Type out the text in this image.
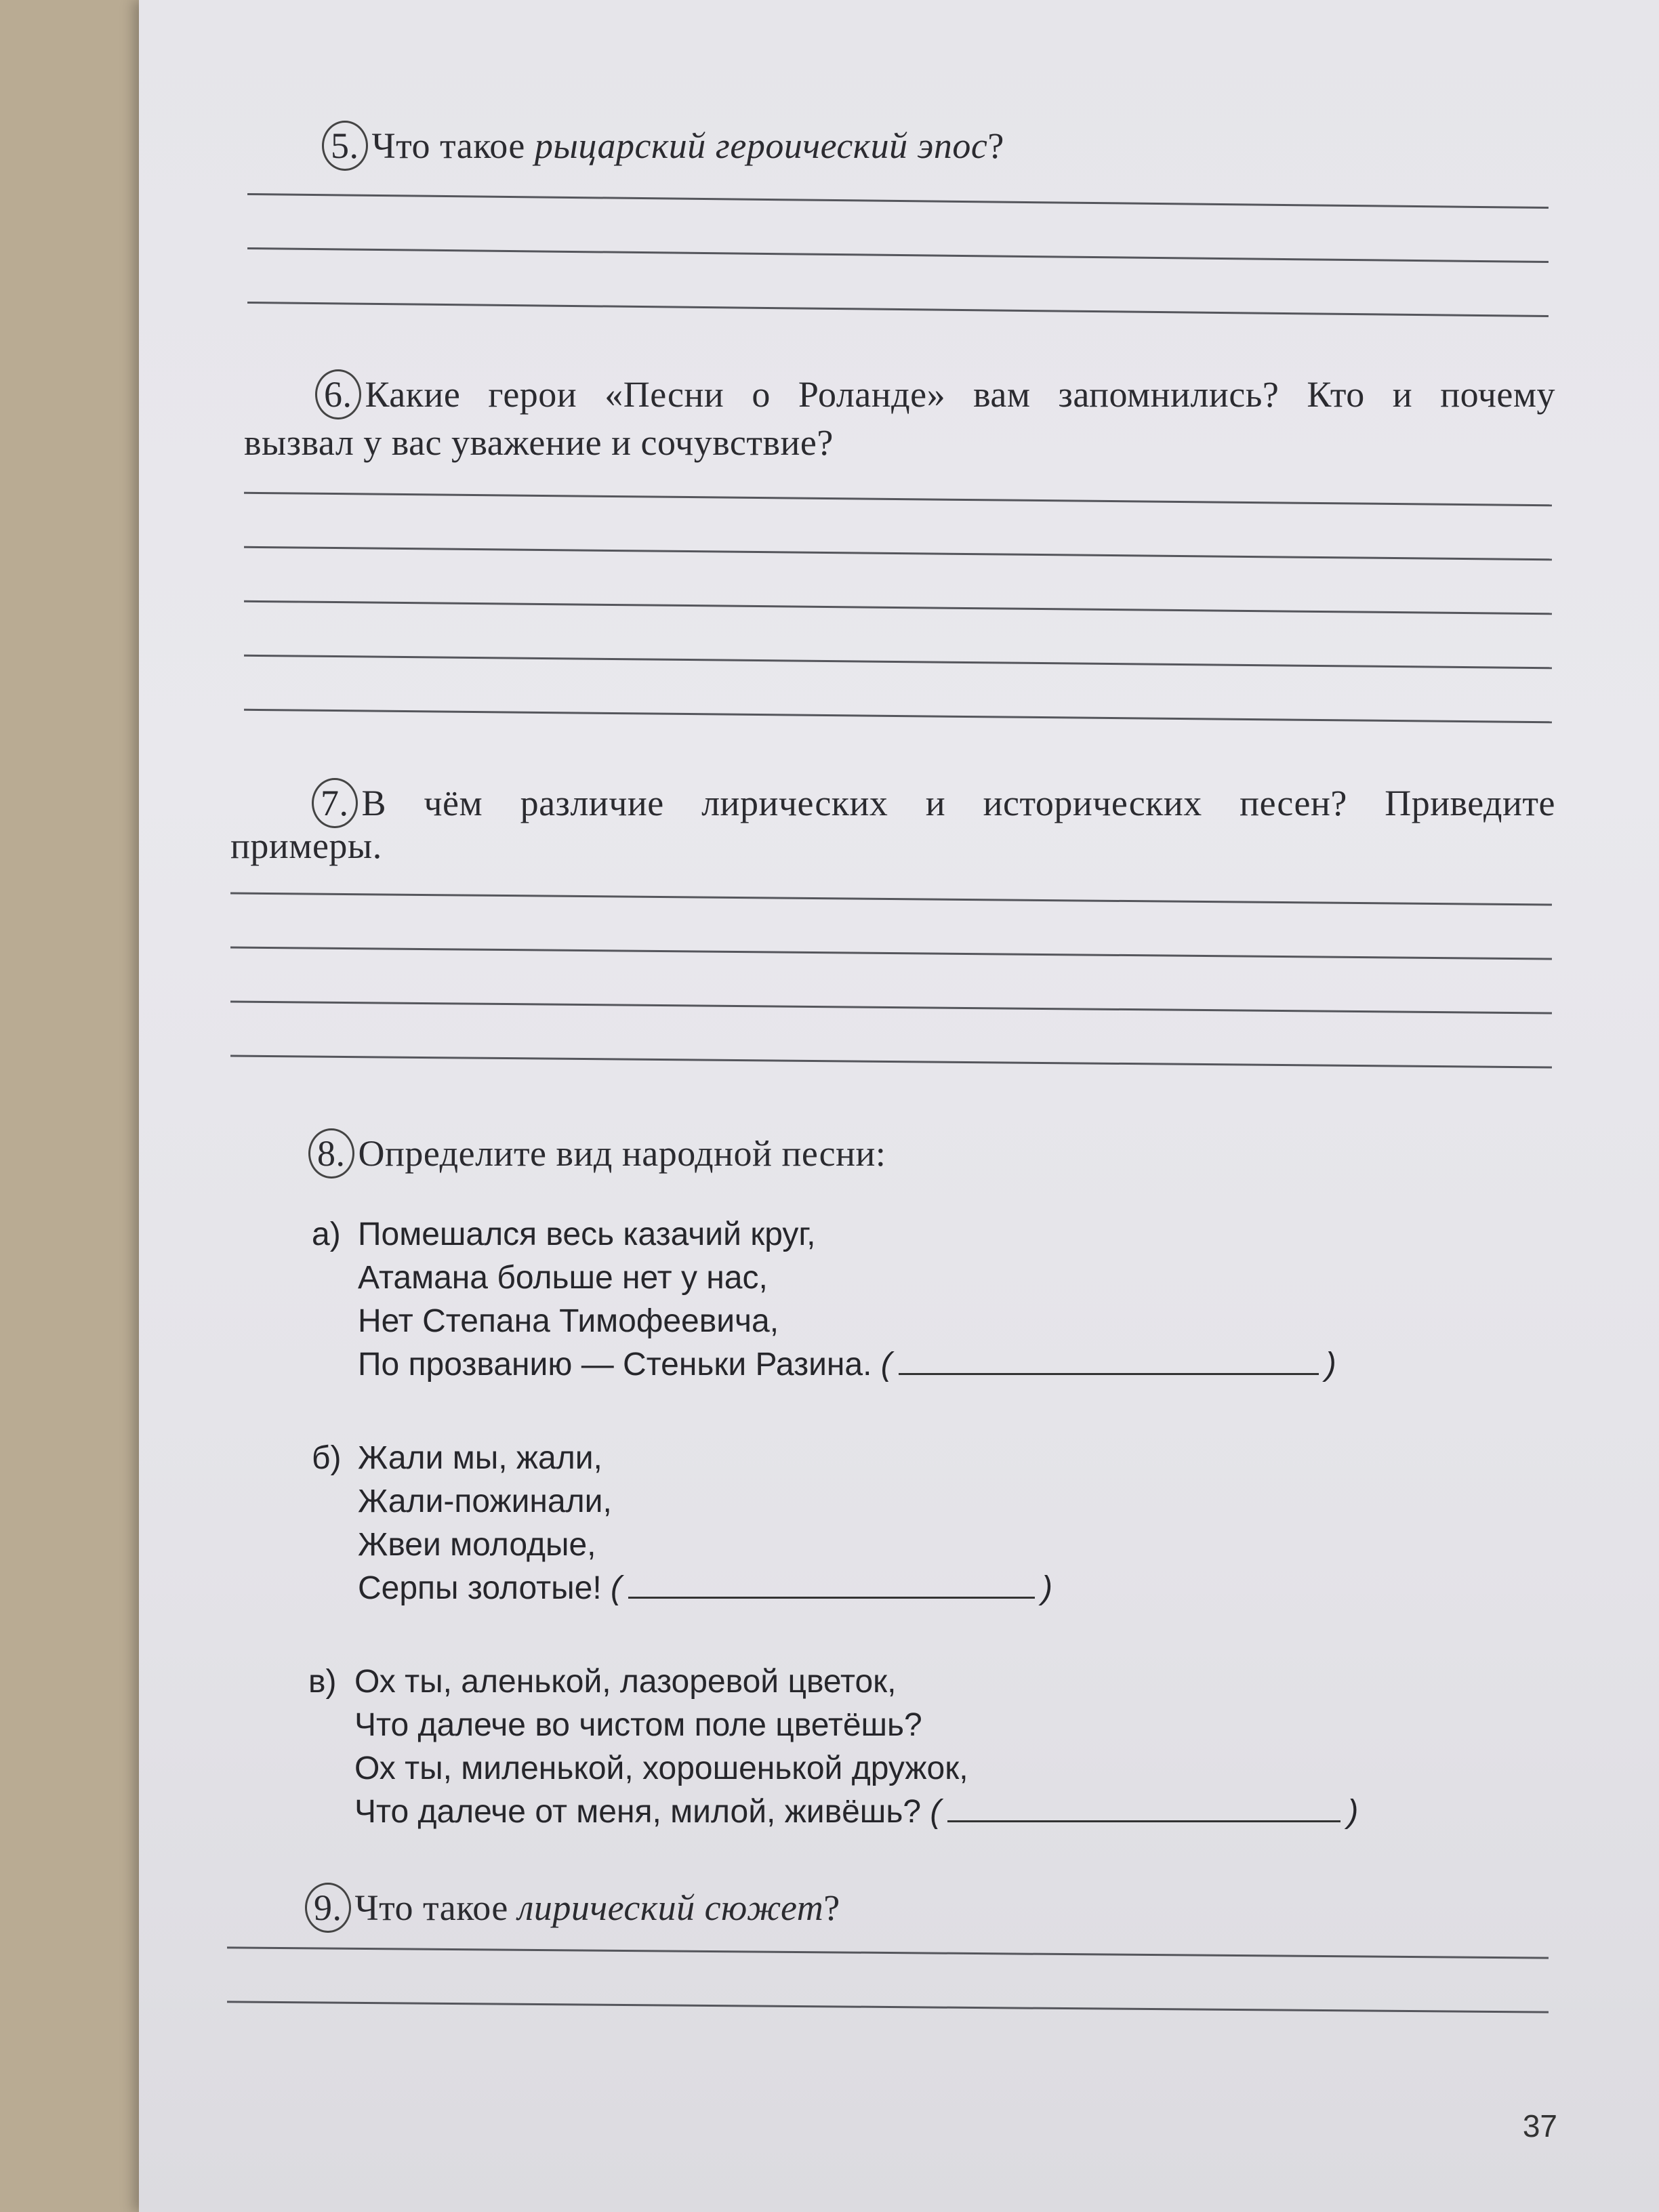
5. Что такое рыцарский героический эпос?
6. Какие герои «Песни о Роланде» вам запомнились? Кто и почему
вызвал у вас уважение и сочувствие?
7. В чём различие лирических и исторических песен? Приведите
примеры.
8. Определите вид народной песни:
а) Помешался весь казачий круг,
Атамана больше нет у нас,
Нет Степана Тимофеевича,
По прозванию — Стеньки Разина. (	)
б) Жали мы, жали,
Жали-пожинали,
Жвеи молодые,
Серпы золотые! (	)
в) Ох ты, аленькой, лазоревой цветок,
Что далече во чистом поле цветёшь?
Ох ты, миленькой, хорошенькой дружок,
Что далече от меня, милой, живёшь? (	)
9. Что такое лирический сюжет?
37
